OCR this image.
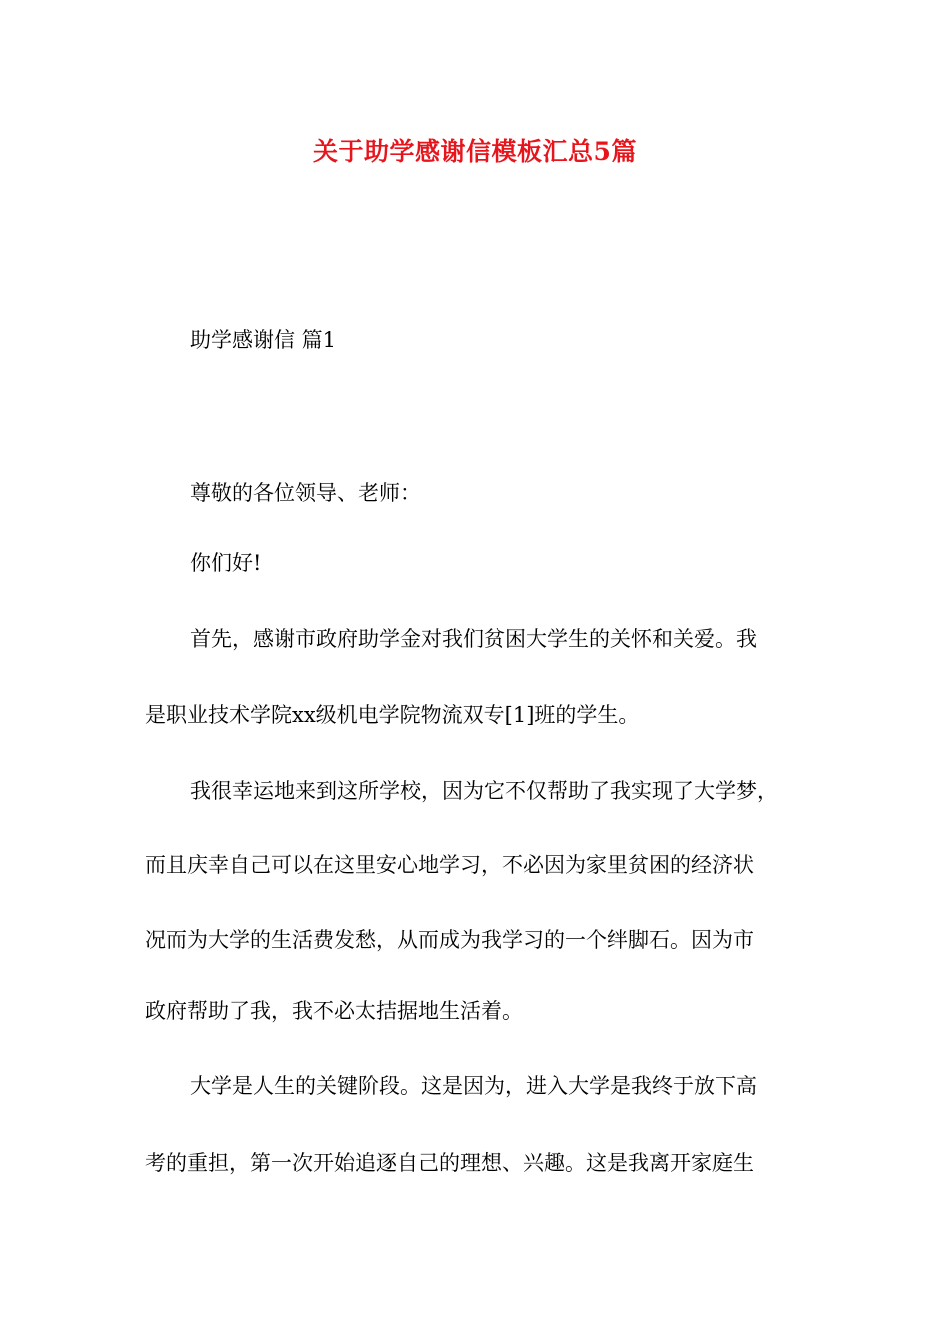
关于助学感谢信模板汇总5篇
助学感谢信 篇1
尊敬的各位领导、老师：
你们好!
首先，感谢市政府助学金对我们贫困大学生的关怀和关爱。我
是职业技术学院xx级机电学院物流双专[1]班的学生。
我很幸运地来到这所学校，因为它不仅帮助了我实现了大学梦，
而且庆幸自己可以在这里安心地学习，不必因为家里贫困的经济状
况而为大学的生活费发愁，从而成为我学习的一个绊脚石。因为市
政府帮助了我，我不必太拮据地生活着。
大学是人生的关键阶段。这是因为，进入大学是我终于放下高
考的重担，第一次开始追逐自己的理想、兴趣。这是我离开家庭生
